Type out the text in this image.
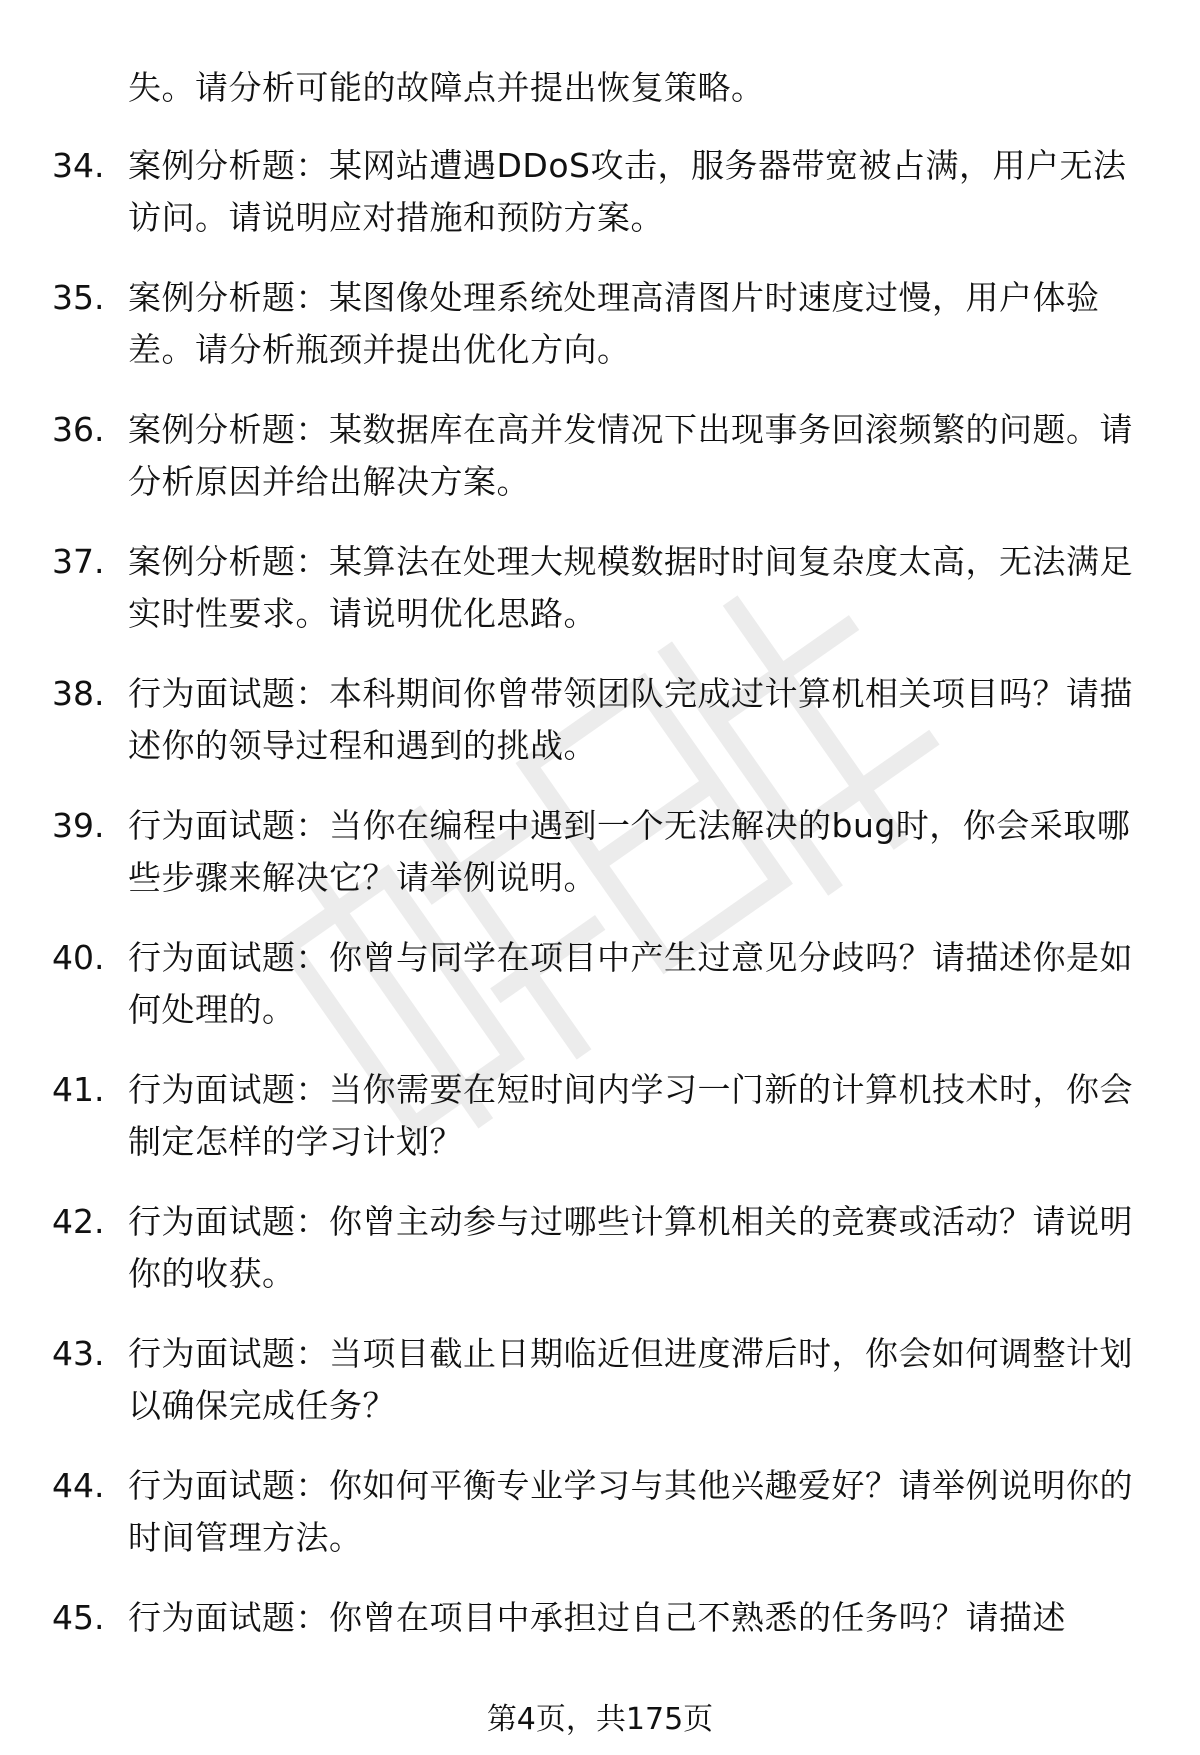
失。请分析可能的故障点并提出恢复策略。
34. 案例分析题：某网站遭遇DDoS攻击，服务器带宽被占满，用户无法访问。请说明应对措施和预防方案。
35. 案例分析题：某图像处理系统处理高清图片时速度过慢，用户体验差。请分析瓶颈并提出优化方向。
36. 案例分析题：某数据库在高并发情况下出现事务回滚频繁的问题。请分析原因并给出解决方案。
37. 案例分析题：某算法在处理大规模数据时时间复杂度太高，无法满足实时性要求。请说明优化思路。
38. 行为面试题：本科期间你曾带领团队完成过计算机相关项目吗？请描述你的领导过程和遇到的挑战。
39. 行为面试题：当你在编程中遇到一个无法解决的bug时，你会采取哪些步骤来解决它？请举例说明。
40. 行为面试题：你曾与同学在项目中产生过意见分歧吗？请描述你是如何处理的。
41. 行为面试题：当你需要在短时间内学习一门新的计算机技术时，你会制定怎样的学习计划？
42. 行为面试题：你曾主动参与过哪些计算机相关的竞赛或活动？请说明你的收获。
43. 行为面试题：当项目截止日期临近但进度滞后时，你会如何调整计划以确保完成任务？
44. 行为面试题：你如何平衡专业学习与其他兴趣爱好？请举例说明你的时间管理方法。
45. 行为面试题：你曾在项目中承担过自己不熟悉的任务吗？请描述
第4页，共175页
